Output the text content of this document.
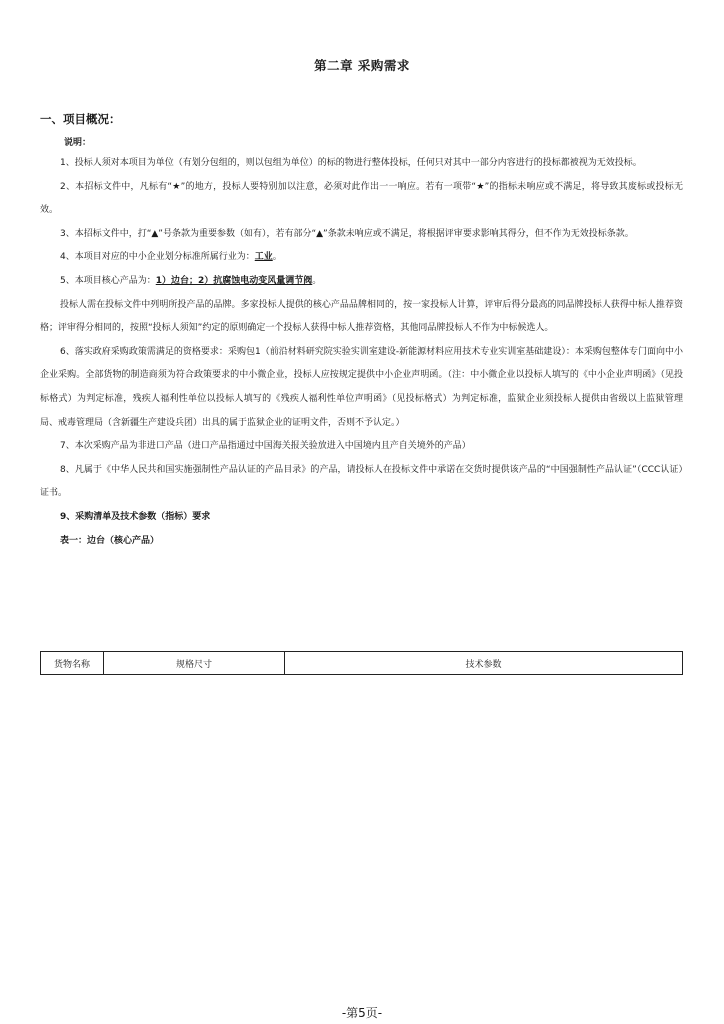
第二章 采购需求
一、项目概况：
说明：

1、投标人须对本项目为单位（有划分包组的，则以包组为单位）的标的物进行整体投标，任何只对其中一部分内容进行的投标都被视为无效投标。

2、本招标文件中，凡标有“★”的地方，投标人要特别加以注意，必须对此作出一一响应。若有一项带“★”的指标未响应或不满足，将导致其废标或投标无效。

3、本招标文件中，打“▲”号条款为重要参数（如有），若有部分“▲”条款未响应或不满足，将根据评审要求影响其得分，但不作为无效投标条款。

4、本项目对应的中小企业划分标准所属行业为：工业。

5、本项目核心产品为：1）边台；2）抗腐蚀电动变风量调节阀。

投标人需在投标文件中列明所投产品的品牌。多家投标人提供的核心产品品牌相同的，按一家投标人计算，评审后得分最高的同品牌投标人获得中标人推荐资格；评审得分相同的，按照“投标人须知”约定的原则确定一个投标人获得中标人推荐资格，其他同品牌投标人不作为中标候选人。

6、落实政府采购政策需满足的资格要求：采购包1（前沿材料研究院实验实训室建设-新能源材料应用技术专业实训室基础建设）：本采购包整体专门面向中小企业采购。全部货物的制造商须为符合政策要求的中小微企业，投标人应按规定提供中小企业声明函。（注：中小微企业以投标人填写的《中小企业声明函》（见投标格式）为判定标准，残疾人福利性单位以投标人填写的《残疾人福利性单位声明函》（见投标格式）为判定标准，监狱企业须投标人提供由省级以上监狱管理局、戒毒管理局（含新疆生产建设兵团）出具的属于监狱企业的证明文件，否则不予认定。）

7、本次采购产品为非进口产品（进口产品指通过中国海关报关验放进入中国境内且产自关境外的产品）

8、凡属于《中华人民共和国实施强制性产品认证的产品目录》的产品，请投标人在投标文件中承诺在交货时提供该产品的“中国强制性产品认证”（CCC认证）证书。

9、采购清单及技术参数（指标）要求

表一：边台（核心产品）

货物名称	规格尺寸	技术参数
-第5页-
